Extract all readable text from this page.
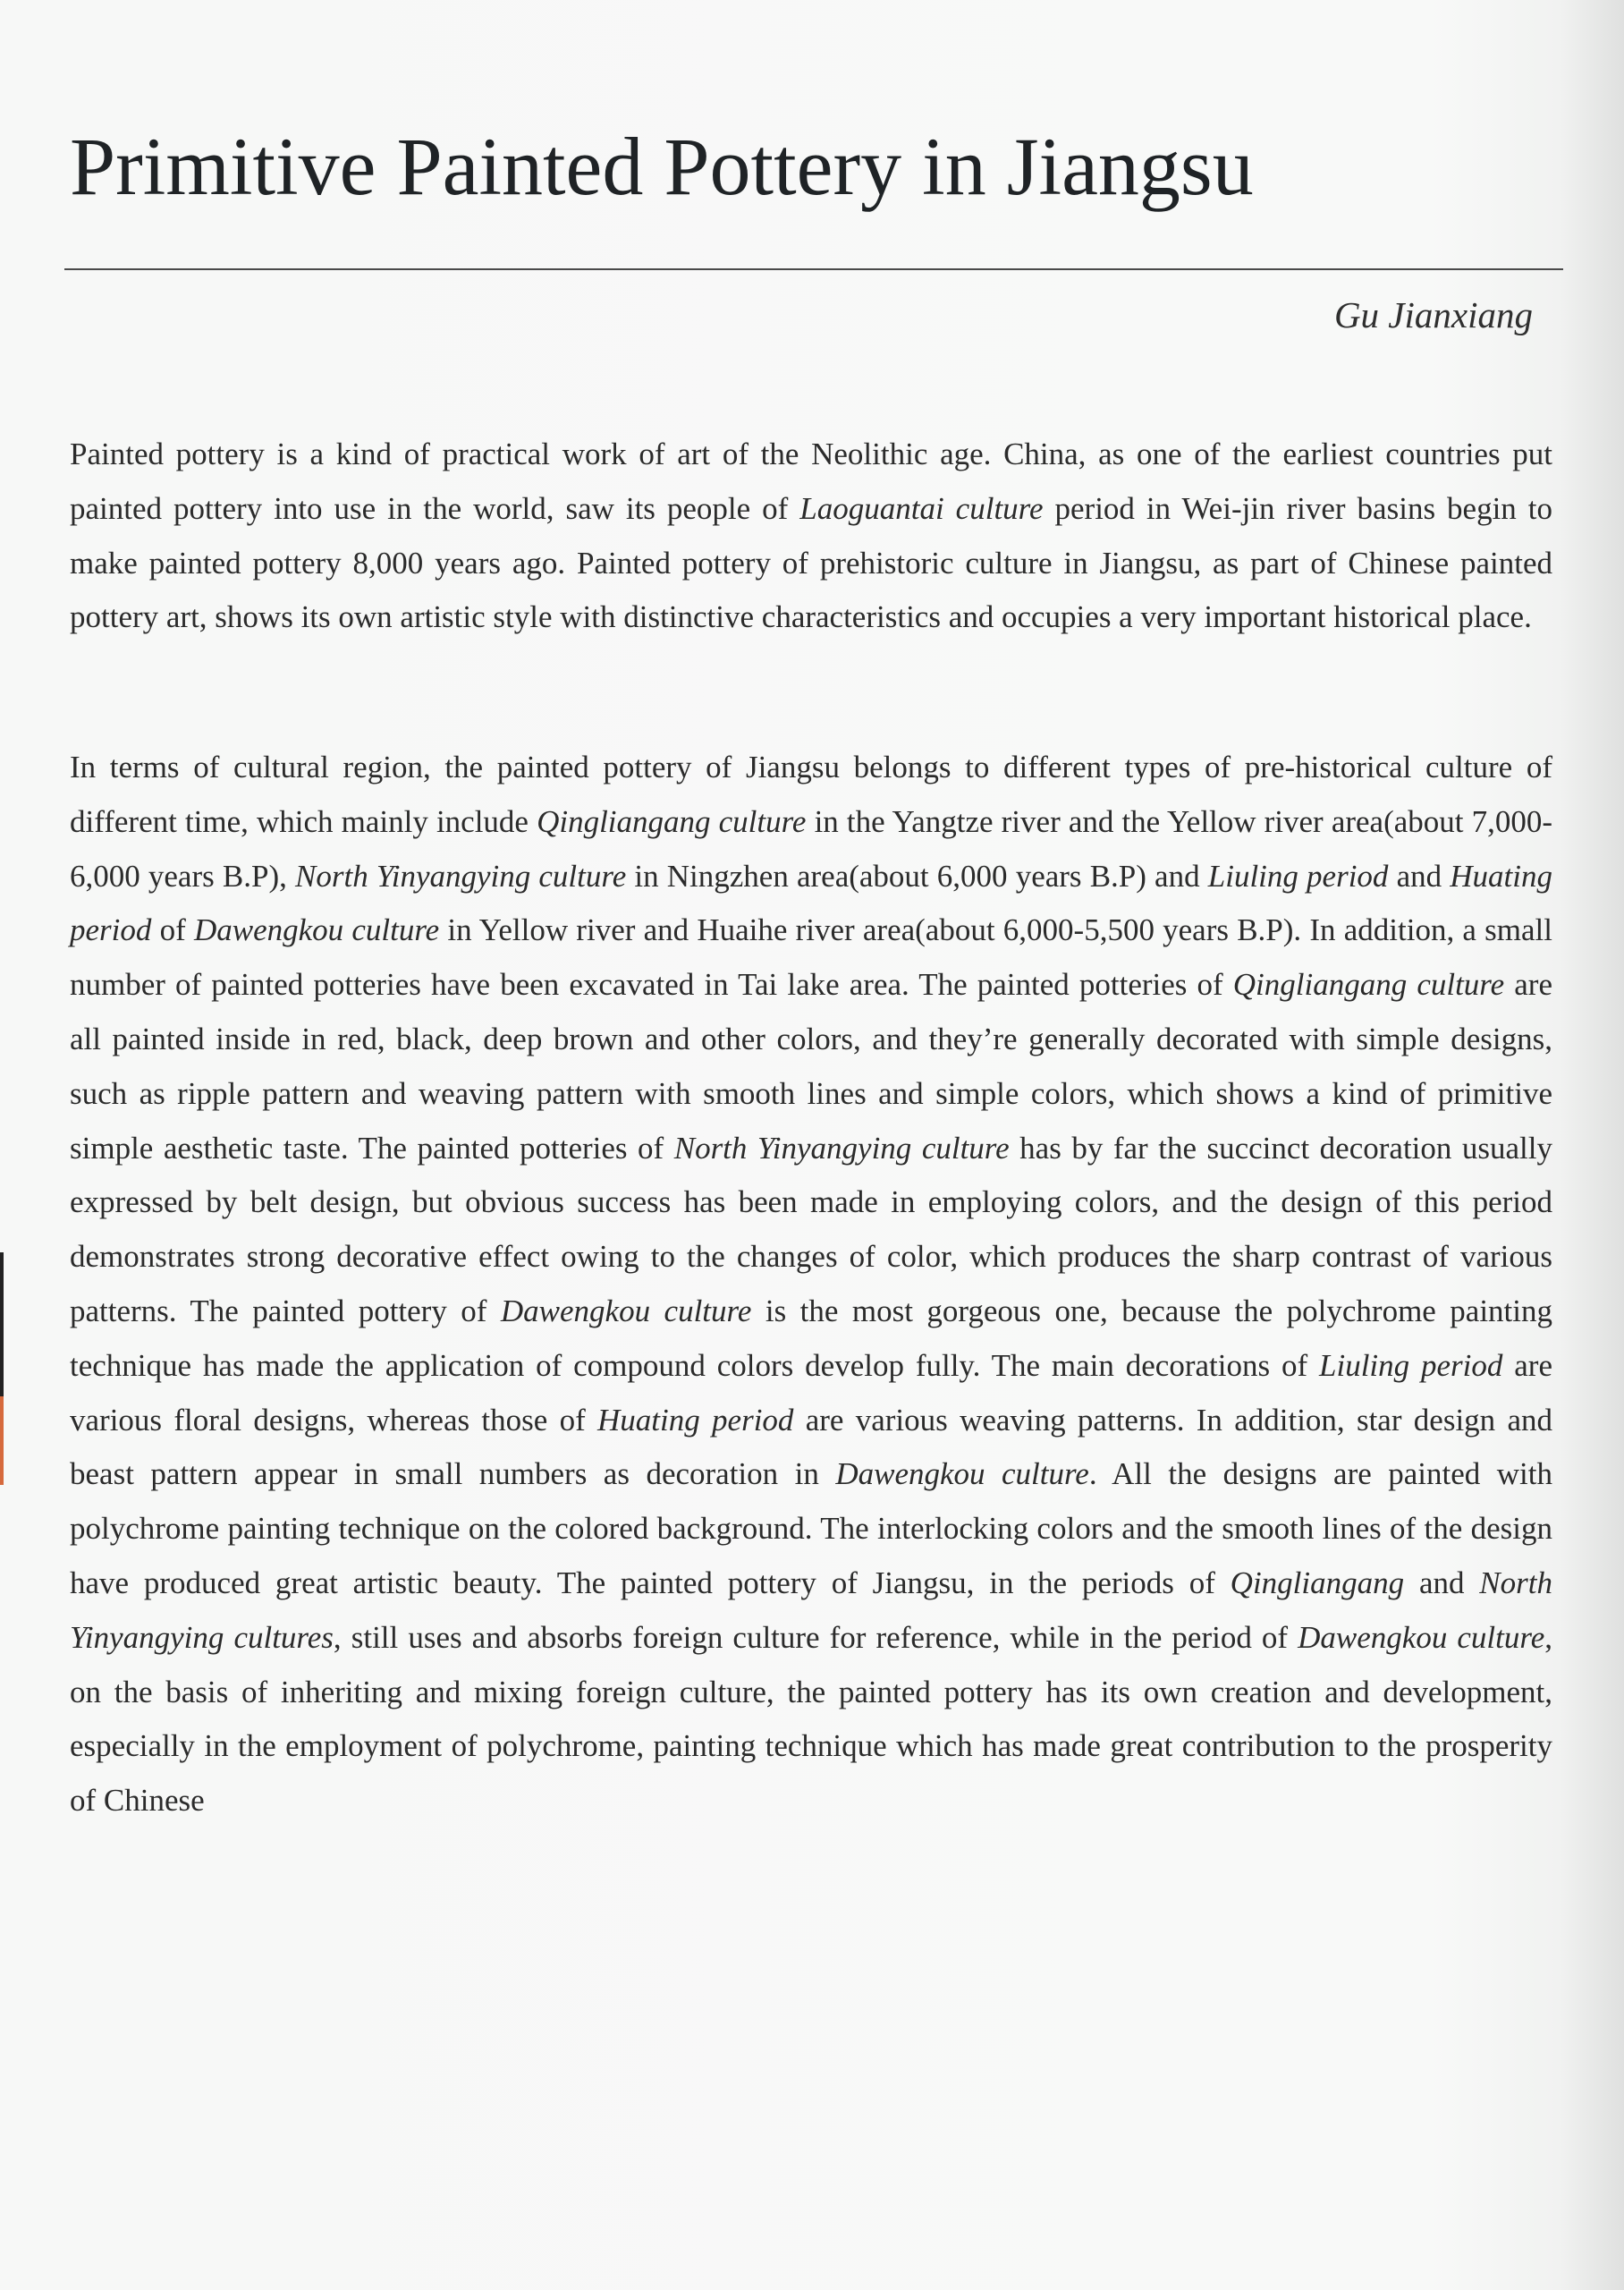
Primitive Painted Pottery in Jiangsu
Gu Jianxiang

Painted pottery is a kind of practical work of art of the Neolithic age. China, as one of the earliest countries put painted pottery into use in the world, saw its people of Laoguantai culture period in Wei-jin river basins begin to make painted pottery 8,000 years ago. Painted pottery of prehistoric culture in Jiangsu, as part of Chinese painted pottery art, shows its own artistic style with distinctive characteristics and occupies a very important historical place.

In terms of cultural region, the painted pottery of Jiangsu belongs to different types of pre-historical culture of different time, which mainly include Qingliangang culture in the Yangtze river and the Yellow river area(about 7,000-6,000 years B.P), North Yinyangying culture in Ningzhen area(about 6,000 years B.P) and Liuling period and Huating period of Dawengkou culture in Yellow river and Huaihe river area(about 6,000-5,500 years B.P). In addition, a small number of painted potteries have been excavated in Tai lake area. The painted potteries of Qingliangang culture are all painted inside in red, black, deep brown and other colors, and they’re generally decorated with simple designs, such as ripple pattern and weaving pattern with smooth lines and simple colors, which shows a kind of primitive simple aesthetic taste. The painted potteries of North Yinyangying culture has by far the succinct decoration usually expressed by belt design, but obvious success has been made in employing colors, and the design of this period demonstrates strong decorative effect owing to the changes of color, which produces the sharp contrast of various patterns. The painted pottery of Dawengkou culture is the most gorgeous one, because the polychrome painting technique has made the application of compound colors develop fully. The main decorations of Liuling period are various floral designs, whereas those of Huating period are various weaving patterns. In addition, star design and beast pattern appear in small numbers as decoration in Dawengkou culture. All the designs are painted with polychrome painting technique on the colored background. The interlocking colors and the smooth lines of the design have produced great artistic beauty. The painted pottery of Jiangsu, in the periods of Qingliangang and North Yinyangying cultures, still uses and absorbs foreign culture for reference, while in the period of Dawengkou culture, on the basis of inheriting and mixing foreign culture, the painted pottery has its own creation and development, especially in the employment of polychrome, painting technique which has made great contribution to the prosperity of Chinese
